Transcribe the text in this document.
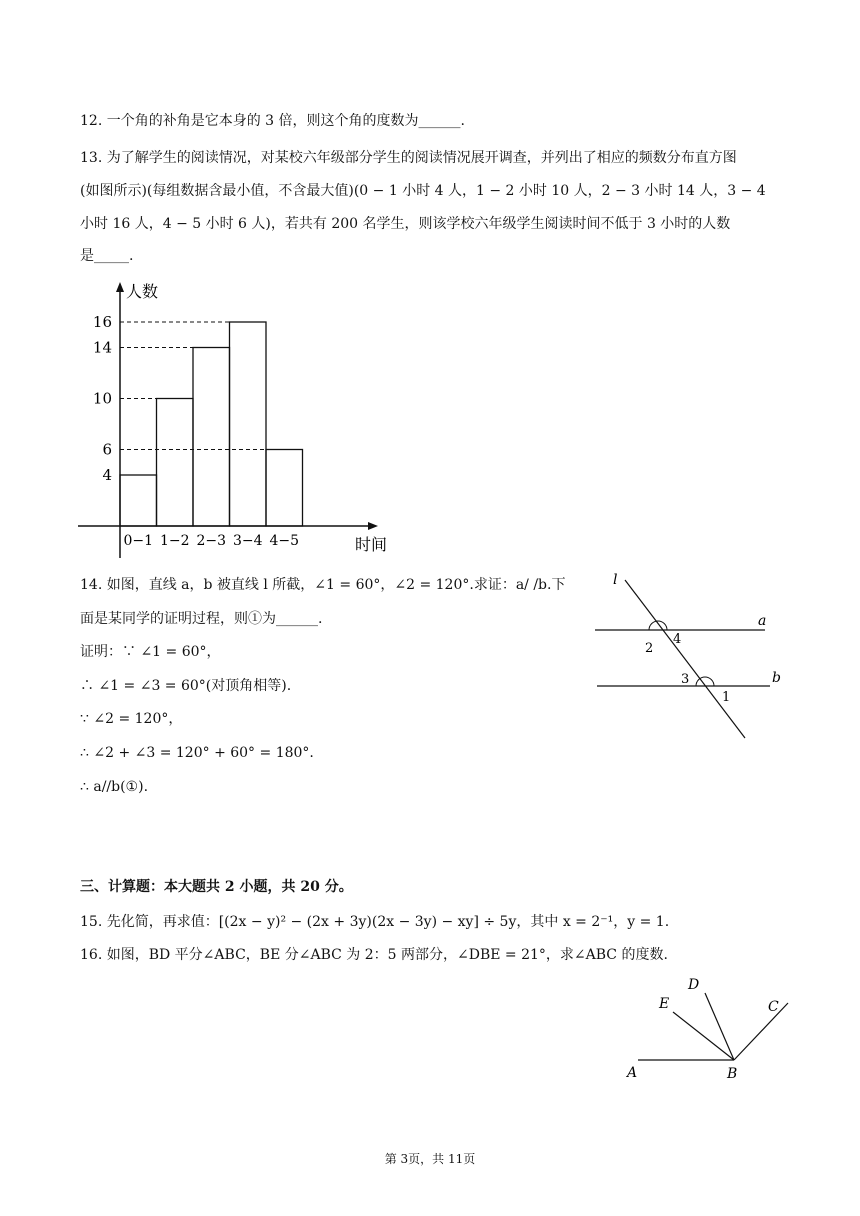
12. 一个角的补角是它本身的 3 倍，则这个角的度数为______.
13. 为了解学生的阅读情况，对某校六年级部分学生的阅读情况展开调查，并列出了相应的频数分布直方图
(如图所示)(每组数据含最小值，不含最大值)(0 − 1 小时 4 人，1 − 2 小时 10 人，2 − 3 小时 14 人，3 − 4
小时 16 人，4 − 5 小时 6 人)，若共有 200 名学生，则该学校六年级学生阅读时间不低于 3 小时的人数
是_____.
人数
时间
4
6
10
14
16
0−1 1−2 2−3 3−4 4−5
14. 如图，直线 a，b 被直线 l 所截，∠1 = 60°，∠2 = 120°.求证：a/ /b.下
面是某同学的证明过程，则①为______.
证明：∵ ∠1 = 60°，
∴ ∠1 = ∠3 = 60°(对顶角相等).
∵ ∠2 = 120°，
∴ ∠2 + ∠3 = 120° + 60° = 180°.
∴ a//b(①).
l
a
b
4
2
3
1
三、计算题：本大题共 2 小题，共 20 分。
15. 先化简，再求值：[(2x − y)² − (2x + 3y)(2x − 3y) − xy] ÷ 5y，其中 x = 2⁻¹，y = 1.
16. 如图，BD 平分∠ABC，BE 分∠ABC 为 2：5 两部分，∠DBE = 21°，求∠ABC 的度数.
A	B
C
D
E
第 3页，共 11页
